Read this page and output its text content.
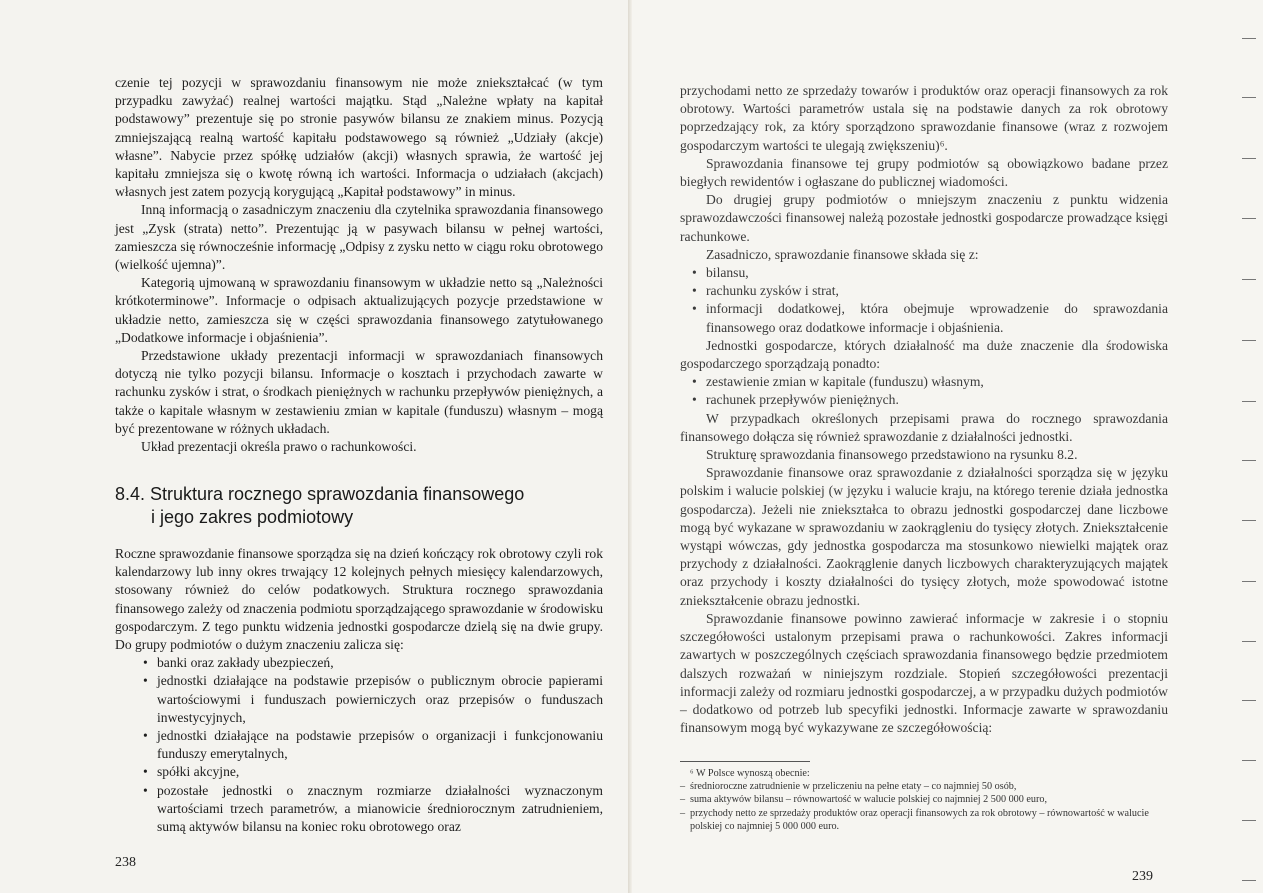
czenie tej pozycji w sprawozdaniu finansowym nie może zniekształcać (w tym przypadku zawyżać) realnej wartości majątku. Stąd „Należne wpłaty na kapitał podstawowy” prezentuje się po stronie pasywów bilansu ze znakiem minus. Pozycją zmniejszającą realną wartość kapitału podstawowego są również „Udziały (akcje) własne”. Nabycie przez spółkę udziałów (akcji) własnych sprawia, że wartość jej kapitału zmniejsza się o kwotę równą ich wartości. Informacja o udziałach (akcjach) własnych jest zatem pozycją korygującą „Kapitał podstawowy” in minus.

Inną informacją o zasadniczym znaczeniu dla czytelnika sprawozdania finansowego jest „Zysk (strata) netto”. Prezentując ją w pasywach bilansu w pełnej wartości, zamieszcza się równocześnie informację „Odpisy z zysku netto w ciągu roku obrotowego (wielkość ujemna)”.

Kategorią ujmowaną w sprawozdaniu finansowym w układzie netto są „Należności krótkoterminowe”. Informacje o odpisach aktualizujących pozycje przedstawione w układzie netto, zamieszcza się w części sprawozdania finansowego zatytułowanego „Dodatkowe informacje i objaśnienia”.

Przedstawione układy prezentacji informacji w sprawozdaniach finansowych dotyczą nie tylko pozycji bilansu. Informacje o kosztach i przychodach zawarte w rachunku zysków i strat, o środkach pieniężnych w rachunku przepływów pieniężnych, a także o kapitale własnym w zestawieniu zmian w kapitale (funduszu) własnym – mogą być prezentowane w różnych układach.

Układ prezentacji określa prawo o rachunkowości.

8.4. Struktura rocznego sprawozdania finansowego
i jego zakres podmiotowy

Roczne sprawozdanie finansowe sporządza się na dzień kończący rok obrotowy czyli rok kalendarzowy lub inny okres trwający 12 kolejnych pełnych miesięcy kalendarzowych, stosowany również do celów podatkowych. Struktura rocznego sprawozdania finansowego zależy od znaczenia podmiotu sporządzającego sprawozdanie w środowisku gospodarczym. Z tego punktu widzenia jednostki gospodarcze dzielą się na dwie grupy. Do grupy podmiotów o dużym znaczeniu zalicza się:

• banki oraz zakłady ubezpieczeń,
• jednostki działające na podstawie przepisów o publicznym obrocie papierami wartościowymi i funduszach powierniczych oraz przepisów o funduszach inwestycyjnych,
• jednostki działające na podstawie przepisów o organizacji i funkcjonowaniu funduszy emerytalnych,
• spółki akcyjne,
• pozostałe jednostki o znacznym rozmiarze działalności wyznaczonym wartościami trzech parametrów, a mianowicie średniorocznym zatrudnieniem, sumą aktywów bilansu na koniec roku obrotowego oraz
238

przychodami netto ze sprzedaży towarów i produktów oraz operacji finansowych za rok obrotowy. Wartości parametrów ustala się na podstawie danych za rok obrotowy poprzedzający rok, za który sporządzono sprawozdanie finansowe (wraz z rozwojem gospodarczym wartości te ulegają zwiększeniu)⁶.

Sprawozdania finansowe tej grupy podmiotów są obowiązkowo badane przez biegłych rewidentów i ogłaszane do publicznej wiadomości.

Do drugiej grupy podmiotów o mniejszym znaczeniu z punktu widzenia sprawozdawczości finansowej należą pozostałe jednostki gospodarcze prowadzące księgi rachunkowe.

Zasadniczo, sprawozdanie finansowe składa się z:

• bilansu,
• rachunku zysków i strat,
• informacji dodatkowej, która obejmuje wprowadzenie do sprawozdania finansowego oraz dodatkowe informacje i objaśnienia.

Jednostki gospodarcze, których działalność ma duże znaczenie dla środowiska gospodarczego sporządzają ponadto:

• zestawienie zmian w kapitale (funduszu) własnym,
• rachunek przepływów pieniężnych.

W przypadkach określonych przepisami prawa do rocznego sprawozdania finansowego dołącza się również sprawozdanie z działalności jednostki.

Strukturę sprawozdania finansowego przedstawiono na rysunku 8.2.

Sprawozdanie finansowe oraz sprawozdanie z działalności sporządza się w języku polskim i walucie polskiej (w języku i walucie kraju, na którego terenie działa jednostka gospodarcza). Jeżeli nie zniekształca to obrazu jednostki gospodarczej dane liczbowe mogą być wykazane w sprawozdaniu w zaokrągleniu do tysięcy złotych. Zniekształcenie wystąpi wówczas, gdy jednostka gospodarcza ma stosunkowo niewielki majątek oraz przychody z działalności. Zaokrąglenie danych liczbowych charakteryzujących majątek oraz przychody i koszty działalności do tysięcy złotych, może spowodować istotne zniekształcenie obrazu jednostki.

Sprawozdanie finansowe powinno zawierać informacje w zakresie i o stopniu szczegółowości ustalonym przepisami prawa o rachunkowości. Zakres informacji zawartych w poszczególnych częściach sprawozdania finansowego będzie przedmiotem dalszych rozważań w niniejszym rozdziale. Stopień szczegółowości prezentacji informacji zależy od rozmiaru jednostki gospodarczej, a w przypadku dużych podmiotów – dodatkowo od potrzeb lub specyfiki jednostki. Informacje zawarte w sprawozdaniu finansowym mogą być wykazywane ze szczegółowością:

⁶ W Polsce wynoszą obecnie:
– średnioroczne zatrudnienie w przeliczeniu na pełne etaty – co najmniej 50 osób,
– suma aktywów bilansu – równowartość w walucie polskiej co najmniej 2 500 000 euro,
– przychody netto ze sprzedaży produktów oraz operacji finansowych za rok obrotowy – równowartość w walucie polskiej co najmniej 5 000 000 euro.
239
